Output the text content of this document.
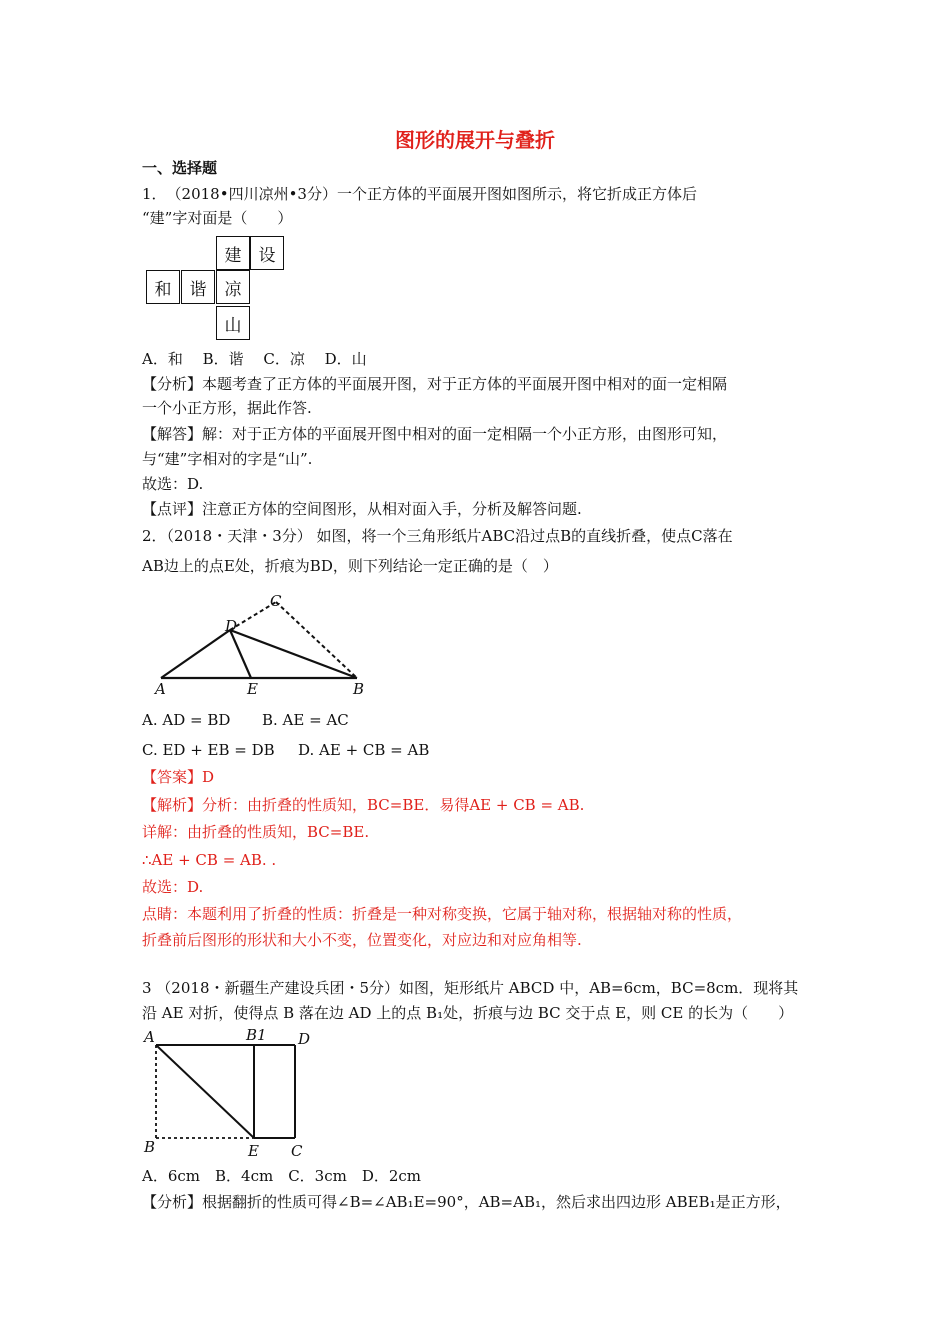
图形的展开与叠折
一、选择题
1．　（2018•四川凉州•3分）一个正方体的平面展开图如图所示，将它折成正方体后
“建”字对面是（　　）
建	设
和	谐	凉
山
A．和　 B．谐　 C．凉　 D．山
【分析】本题考查了正方体的平面展开图，对于正方体的平面展开图中相对的面一定相隔
一个小正方形，据此作答.
【解答】解：对于正方体的平面展开图中相对的面一定相隔一个小正方形，由图形可知，
与“建”字相对的字是“山”.
故选：D.
【点评】注意正方体的空间图形，从相对面入手，分析及解答问题.
2．（2018・天津・3分） 如图，将一个三角形纸片ABC沿过点B的直线折叠，使点C落在
AB边上的点E处，折痕为BD，则下列结论一定正确的是（　）
A	E	B
D
C
A. AD = BD B. AE = AC
C. ED + EB = DB D. AE + CB = AB
【答案】D
【解析】分析：由折叠的性质知，BC=BE．易得AE + CB = AB.
详解：由折叠的性质知，BC=BE.
∴AE + CB = AB. .
故选：D.
点睛：本题利用了折叠的性质：折叠是一种对称变换，它属于轴对称，根据轴对称的性质，
折叠前后图形的形状和大小不变，位置变化，对应边和对应角相等.
3 （2018・新疆生产建设兵团・5分）如图，矩形纸片 ABCD 中，AB=6cm，BC=8cm．现将其
沿 AE 对折，使得点 B 落在边 AD 上的点 B₁处，折痕与边 BC 交于点 E，则 CE 的长为（　　）
A	B1 D
B	E C
A．6cm　B．4cm　C．3cm　D．2cm
【分析】根据翻折的性质可得∠B=∠AB₁E=90°，AB=AB₁，然后求出四边形 ABEB₁是正方形，
